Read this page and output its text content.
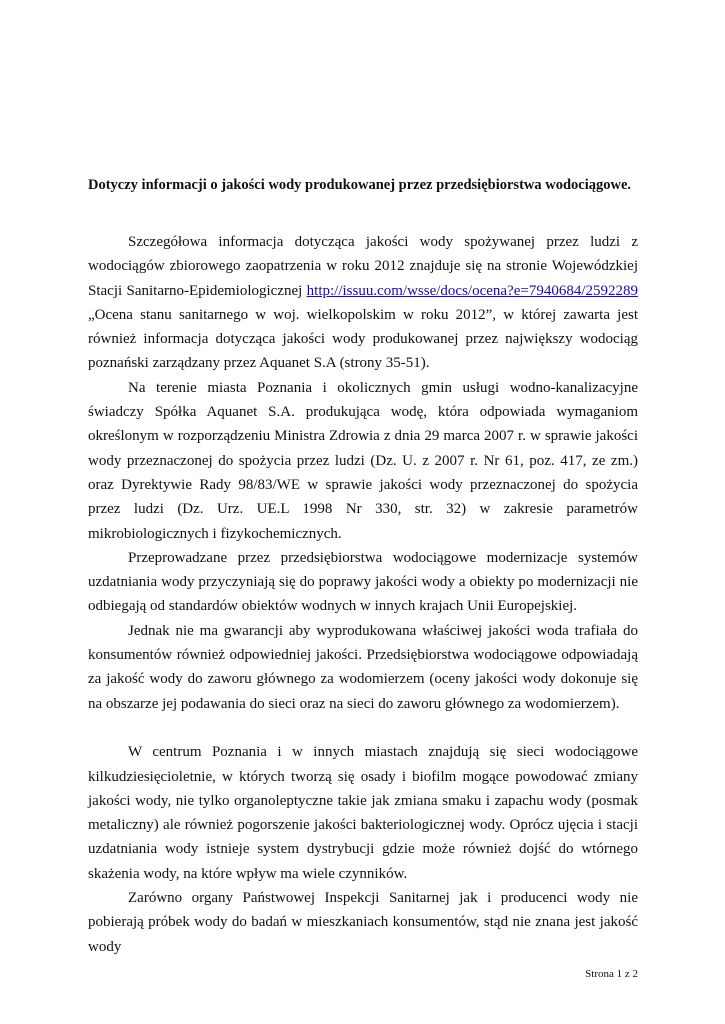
Dotyczy informacji o jakości wody produkowanej przez przedsiębiorstwa wodociągowe.

Szczegółowa informacja dotycząca jakości wody spożywanej przez ludzi z wodociągów zbiorowego zaopatrzenia w roku 2012 znajduje się na stronie Wojewódzkiej Stacji Sanitarno-Epidemiologicznej http://issuu.com/wsse/docs/ocena?e=7940684/2592289 „Ocena stanu sanitarnego w woj. wielkopolskim w roku 2012”, w której zawarta jest również informacja dotycząca jakości wody produkowanej przez największy wodociąg poznański zarządzany przez Aquanet S.A (strony 35-51).

Na terenie miasta Poznania i okolicznych gmin usługi wodno-kanalizacyjne świadczy Spółka Aquanet S.A. produkująca wodę, która odpowiada wymaganiom określonym w rozporządzeniu Ministra Zdrowia z dnia 29 marca 2007 r. w sprawie jakości wody przeznaczonej do spożycia przez ludzi (Dz. U. z 2007 r. Nr 61, poz. 417, ze zm.) oraz Dyrektywie Rady 98/83/WE w sprawie jakości wody przeznaczonej do spożycia przez ludzi (Dz. Urz. UE.L 1998 Nr 330, str. 32) w zakresie parametrów mikrobiologicznych i fizykochemicznych.

Przeprowadzane przez przedsiębiorstwa wodociągowe modernizacje systemów uzdatniania wody przyczyniają się do poprawy jakości wody a obiekty po modernizacji nie odbiegają od standardów obiektów wodnych w innych krajach Unii Europejskiej.

Jednak nie ma gwarancji aby wyprodukowana właściwej jakości woda trafiała do konsumentów również odpowiedniej jakości. Przedsiębiorstwa wodociągowe odpowiadają za jakość wody do zaworu głównego za wodomierzem (oceny jakości wody dokonuje się na obszarze jej podawania do sieci oraz na sieci do zaworu głównego za wodomierzem).

W centrum Poznania i w innych miastach znajdują się sieci wodociągowe kilkudziesięcioletnie, w których tworzą się osady i biofilm mogące powodować zmiany jakości wody, nie tylko organoleptyczne takie jak zmiana smaku i zapachu wody (posmak metaliczny) ale również pogorszenie jakości bakteriologicznej wody. Oprócz ujęcia i stacji uzdatniania wody istnieje system dystrybucji gdzie może również dojść do wtórnego skażenia wody, na które wpływ ma wiele czynników.

Zarówno organy Państwowej Inspekcji Sanitarnej jak i producenci wody nie pobierają próbek wody do badań w mieszkaniach konsumentów, stąd nie znana jest jakość wody

Strona 1 z 2
